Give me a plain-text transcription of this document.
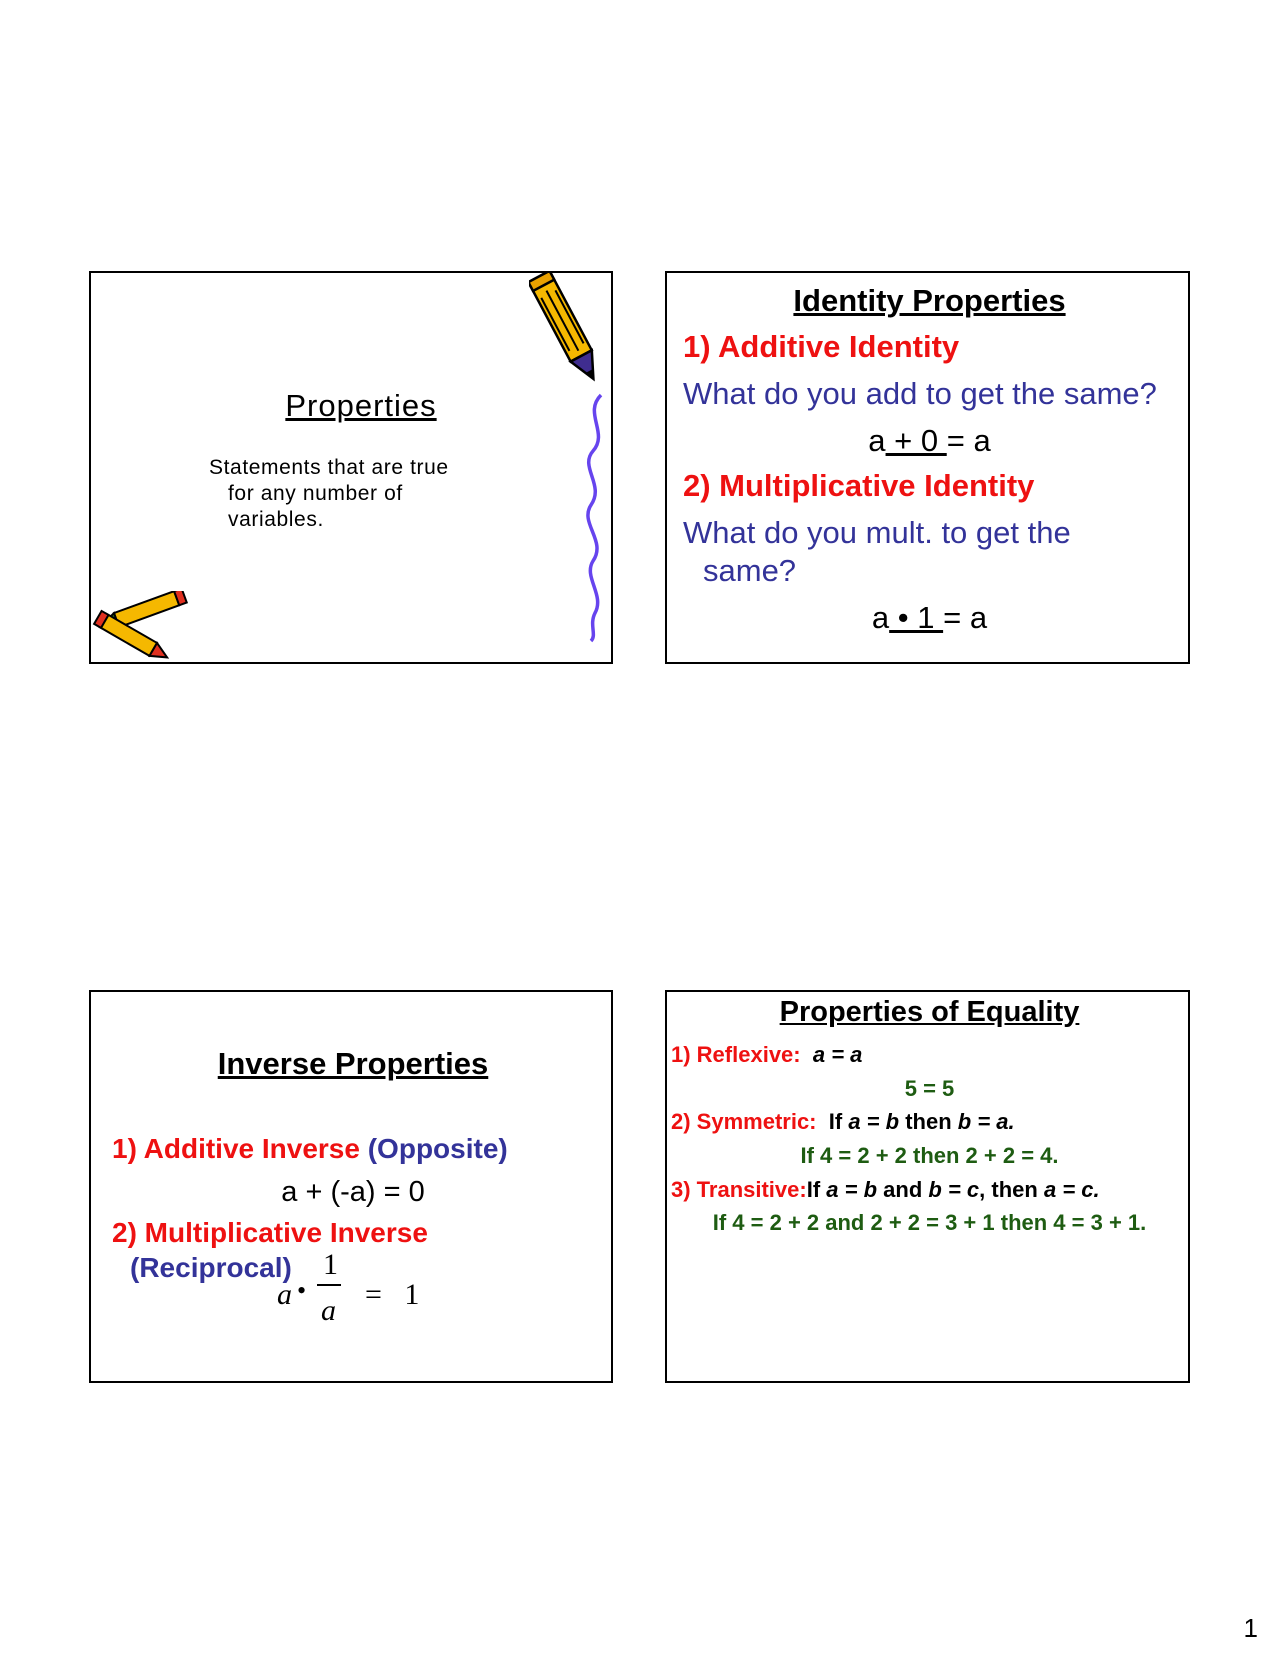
Properties

Statements that are true
for any number of
variables.

Identity Properties

1) Additive Identity

What do you add to get the same?

a + 0 = a

2) Multiplicative Identity

What do you mult. to get the

same?

a • 1 = a

Inverse Properties

1) Additive Inverse (Opposite)

a + (-a) = 0

2) Multiplicative Inverse

(Reciprocal)

a •
1
a =   1

Properties of Equality

1) Reflexive: a = a

5 = 5

2) Symmetric: If a = b then b = a.

If 4 = 2 + 2 then 2 + 2 = 4.

3) Transitive:If a = b and b = c, then a = c.

If 4 = 2 + 2 and 2 + 2 = 3 + 1 then 4 = 3 + 1.

1
